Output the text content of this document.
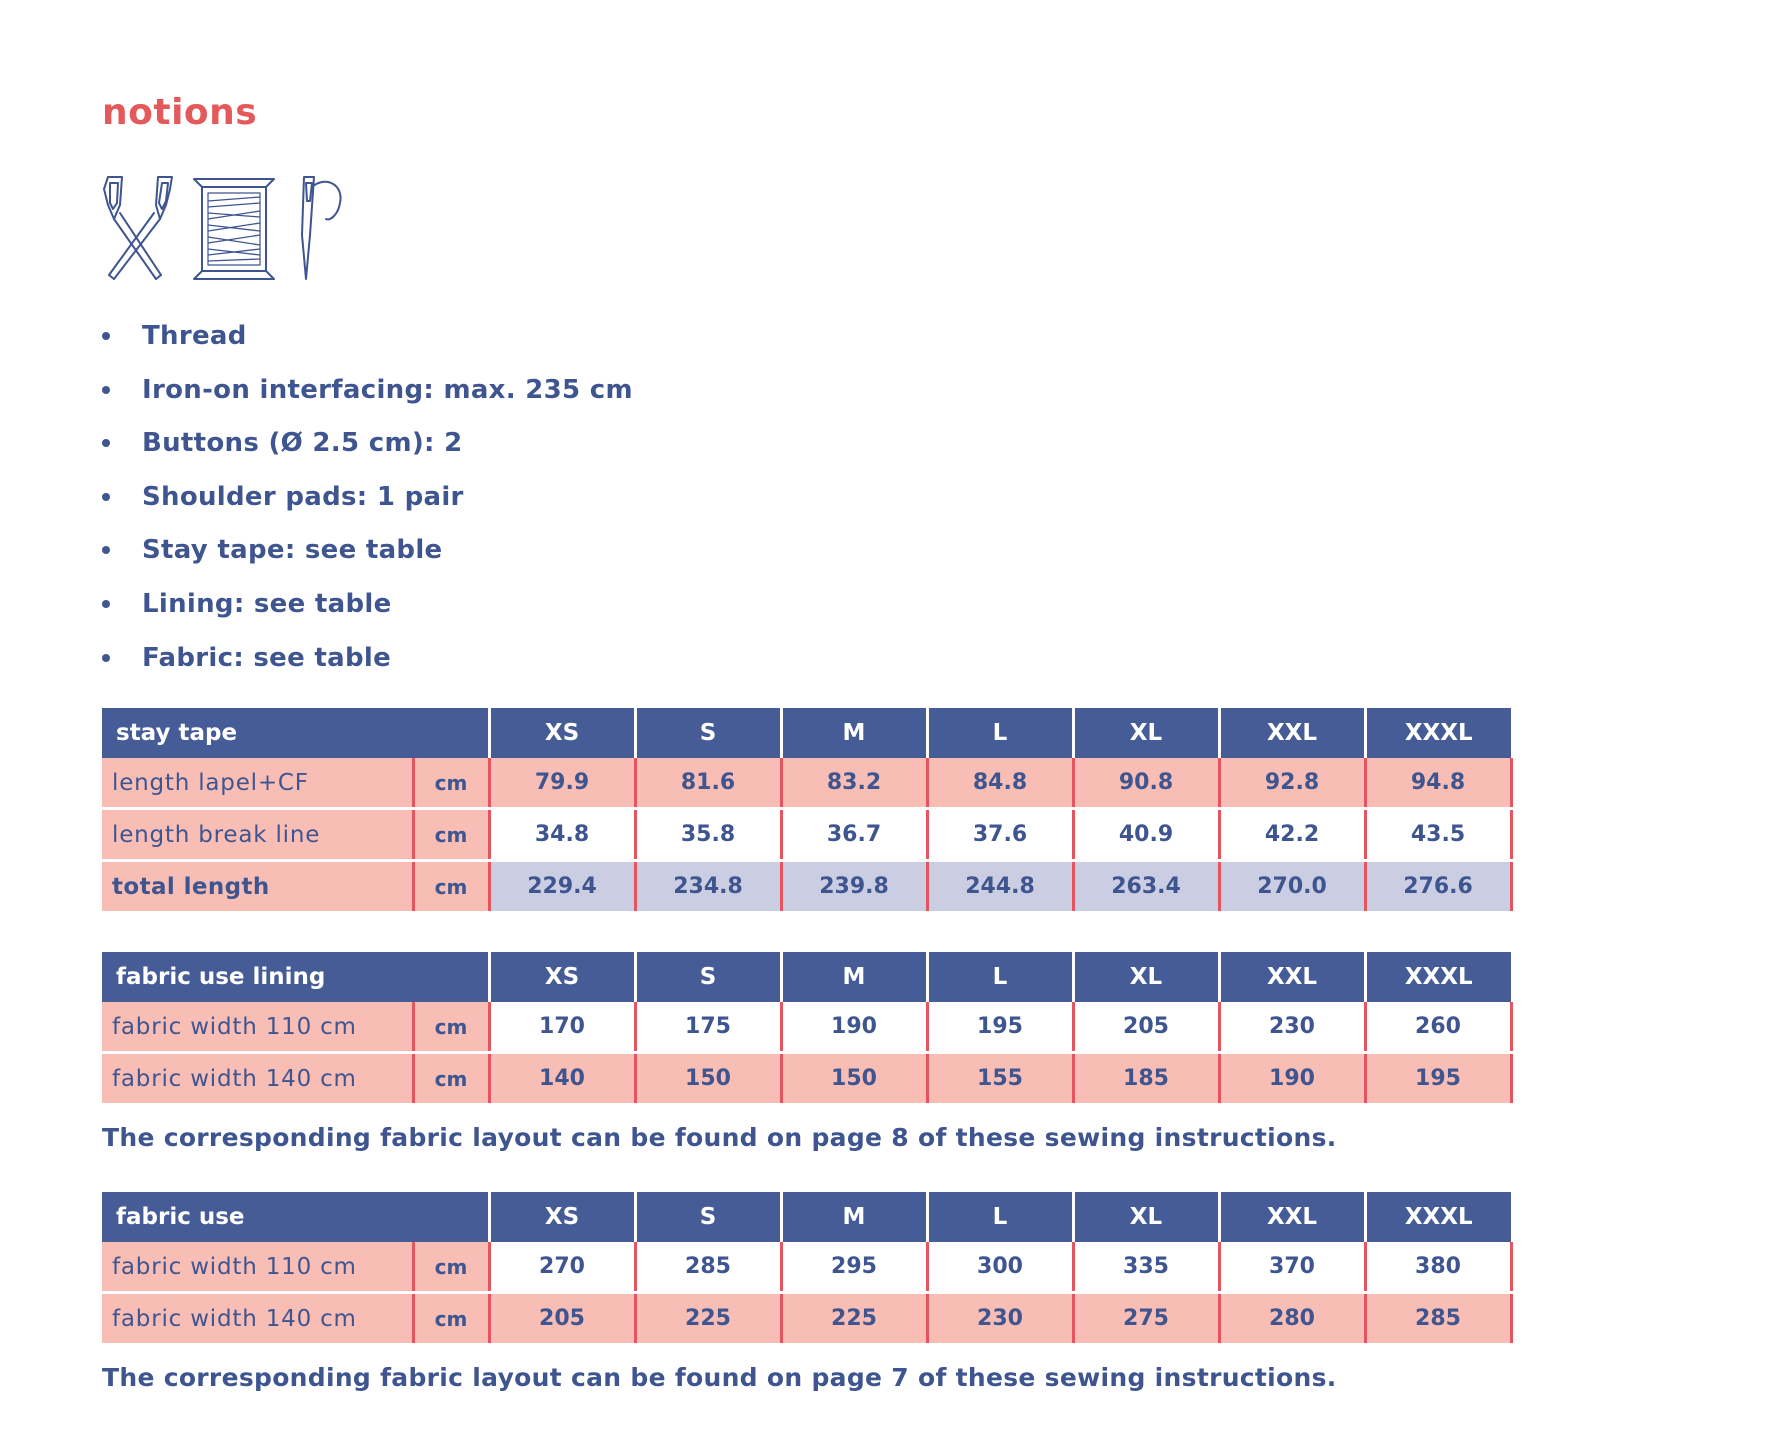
notions
Thread
Iron-on interfacing: max. 235 cm
Buttons (Ø 2.5 cm): 2
Shoulder pads: 1 pair
Stay tape: see table
Lining: see table
Fabric: see table
stay tape		XS	S	M	L	XL	XXL	XXXL
length lapel+CF	cm	79.9	81.6	83.2	84.8	90.8	92.8	94.8
length break line	cm	34.8	35.8	36.7	37.6	40.9	42.2	43.5
total length	cm	229.4	234.8	239.8	244.8	263.4	270.0	276.6
fabric use lining		XS	S	M	L	XL	XXL	XXXL
fabric width 110 cm	cm	170	175	190	195	205	230	260
fabric width 140 cm	cm	140	150	150	155	185	190	195

The corresponding fabric layout can be found on page 8 of these sewing instructions.

fabric use		XS	S	M	L	XL	XXL	XXXL
fabric width 110 cm	cm	270	285	295	300	335	370	380
fabric width 140 cm	cm	205	225	225	230	275	280	285

The corresponding fabric layout can be found on page 7 of these sewing instructions.
